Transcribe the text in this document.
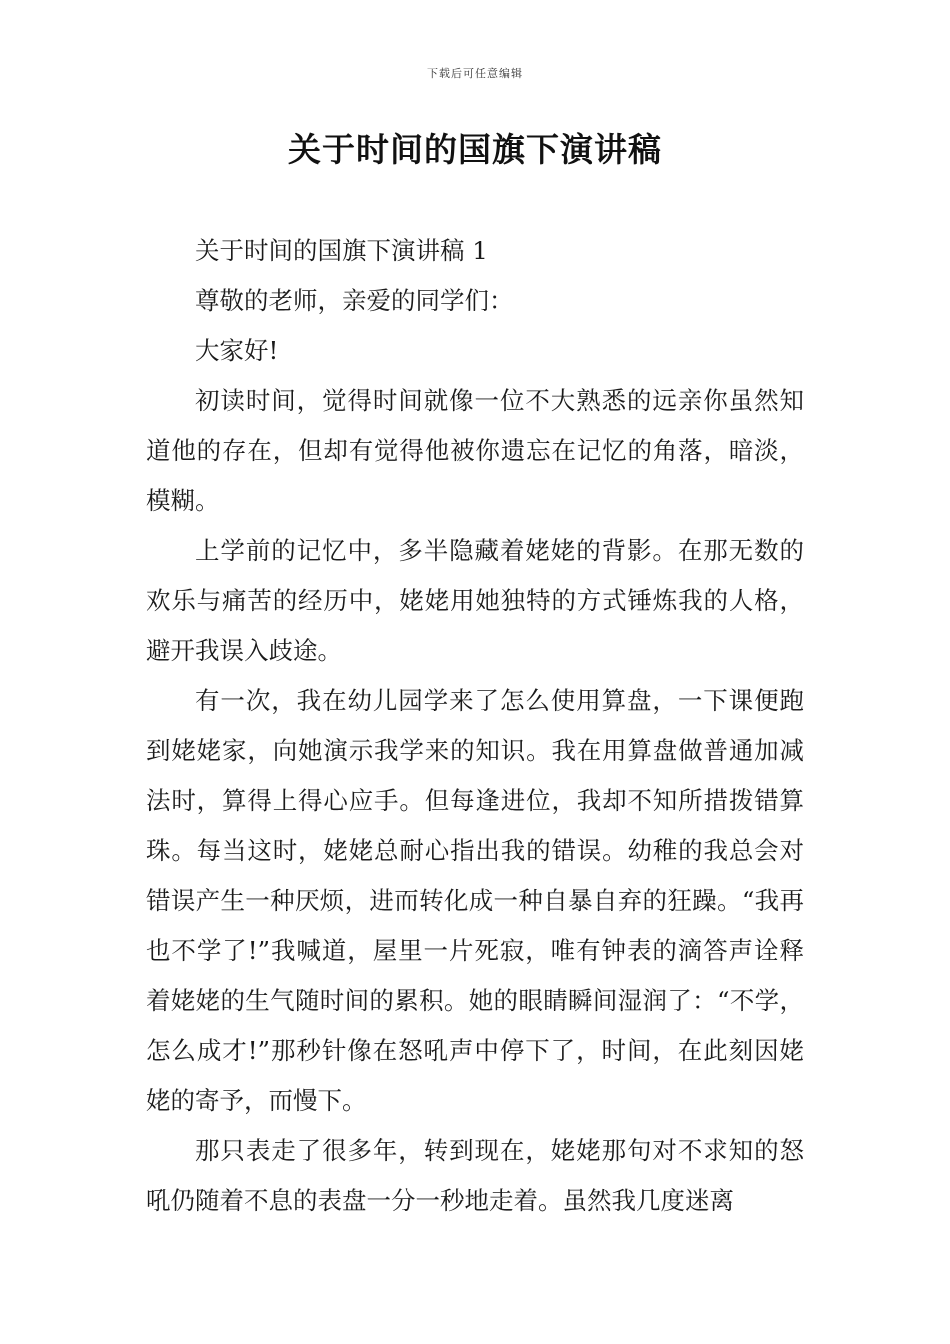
下载后可任意编辑
关于时间的国旗下演讲稿

关于时间的国旗下演讲稿 1

尊敬的老师，亲爱的同学们：

大家好!

初读时间，觉得时间就像一位不大熟悉的远亲你虽然知道他的存在，但却有觉得他被你遗忘在记忆的角落，暗淡，模糊。

上学前的记忆中，多半隐藏着姥姥的背影。在那无数的欢乐与痛苦的经历中，姥姥用她独特的方式锤炼我的人格，避开我误入歧途。

有一次，我在幼儿园学来了怎么使用算盘，一下课便跑到姥姥家，向她演示我学来的知识。我在用算盘做普通加减法时，算得上得心应手。但每逢进位，我却不知所措拨错算珠。每当这时，姥姥总耐心指出我的错误。幼稚的我总会对错误产生一种厌烦，进而转化成一种自暴自弃的狂躁。“我再也不学了!”我喊道，屋里一片死寂，唯有钟表的滴答声诠释着姥姥的生气随时间的累积。她的眼睛瞬间湿润了：“不学，怎么成才!”那秒针像在怒吼声中停下了，时间，在此刻因姥姥的寄予，而慢下。

那只表走了很多年，转到现在，姥姥那句对不求知的怒吼仍随着不息的表盘一分一秒地走着。虽然我几度迷离
